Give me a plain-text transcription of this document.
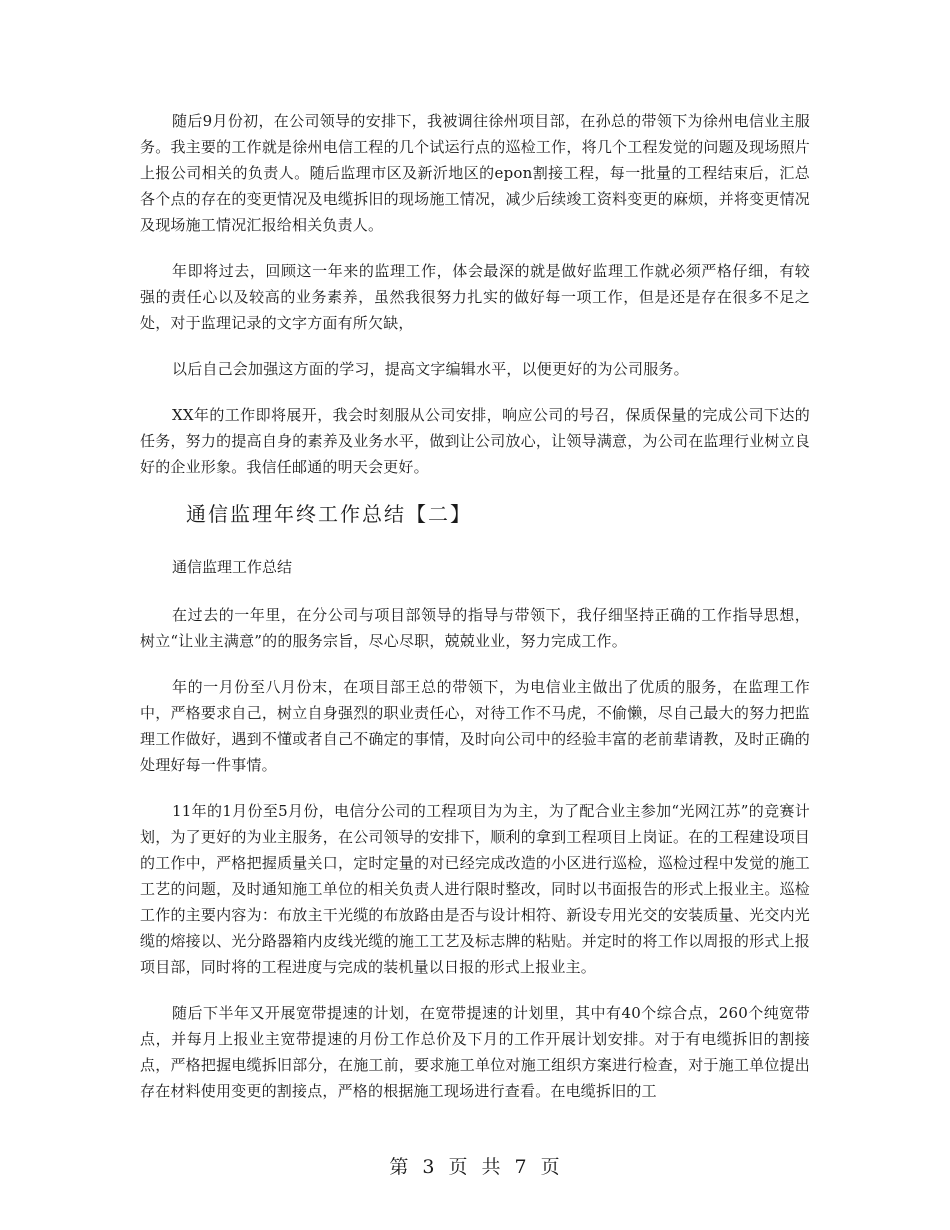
随后9月份初，在公司领导的安排下，我被调往徐州项目部，在孙总的带领下为徐州电信业主服务。我主要的工作就是徐州电信工程的几个试运行点的巡检工作，将几个工程发觉的问题及现场照片上报公司相关的负责人。随后监理市区及新沂地区的epon割接工程，每一批量的工程结束后，汇总各个点的存在的变更情况及电缆拆旧的现场施工情况，减少后续竣工资料变更的麻烦，并将变更情况及现场施工情况汇报给相关负责人。

年即将过去，回顾这一年来的监理工作，体会最深的就是做好监理工作就必须严格仔细，有较强的责任心以及较高的业务素养，虽然我很努力扎实的做好每一项工作，但是还是存在很多不足之处，对于监理记录的文字方面有所欠缺，

以后自己会加强这方面的学习，提高文字编辑水平，以便更好的为公司服务。

XX年的工作即将展开，我会时刻服从公司安排，响应公司的号召，保质保量的完成公司下达的任务，努力的提高自身的素养及业务水平，做到让公司放心，让领导满意，为公司在监理行业树立良好的企业形象。我信任邮通的明天会更好。

通信监理年终工作总结【二】
通信监理工作总结

在过去的一年里，在分公司与项目部领导的指导与带领下，我仔细坚持正确的工作指导思想，树立“让业主满意”的的服务宗旨，尽心尽职，兢兢业业，努力完成工作。

年的一月份至八月份末，在项目部王总的带领下，为电信业主做出了优质的服务，在监理工作中，严格要求自己，树立自身强烈的职业责任心，对待工作不马虎，不偷懒，尽自己最大的努力把监理工作做好，遇到不懂或者自己不确定的事情，及时向公司中的经验丰富的老前辈请教，及时正确的处理好每一件事情。

11年的1月份至5月份，电信分公司的工程项目为为主，为了配合业主参加“光网江苏”的竞赛计划，为了更好的为业主服务，在公司领导的安排下，顺利的拿到工程项目上岗证。在的工程建设项目的工作中，严格把握质量关口，定时定量的对已经完成改造的小区进行巡检，巡检过程中发觉的施工工艺的问题，及时通知施工单位的相关负责人进行限时整改，同时以书面报告的形式上报业主。巡检工作的主要内容为：布放主干光缆的布放路由是否与设计相符、新设专用光交的安装质量、光交内光缆的熔接以、光分路器箱内皮线光缆的施工工艺及标志牌的粘贴。并定时的将工作以周报的形式上报项目部，同时将的工程进度与完成的装机量以日报的形式上报业主。

随后下半年又开展宽带提速的计划，在宽带提速的计划里，其中有40个综合点，260个纯宽带点，并每月上报业主宽带提速的月份工作总价及下月的工作开展计划安排。对于有电缆拆旧的割接点，严格把握电缆拆旧部分，在施工前，要求施工单位对施工组织方案进行检查，对于施工单位提出存在材料使用变更的割接点，严格的根据施工现场进行查看。在电缆拆旧的工

第 3 页 共 7 页
